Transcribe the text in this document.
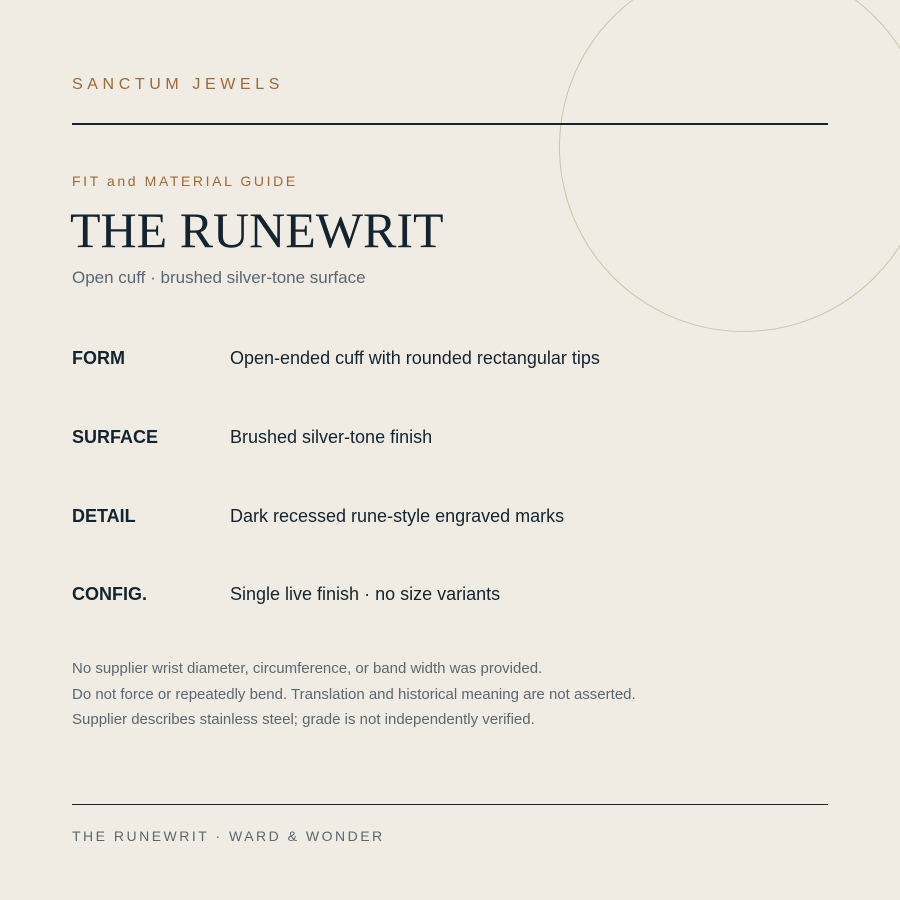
SANCTUM JEWELS
FIT and MATERIAL GUIDE
THE RUNEWRIT
Open cuff · brushed silver-tone surface
FORM	Open-ended cuff with rounded rectangular tips
SURFACE	Brushed silver-tone finish
DETAIL	Dark recessed rune-style engraved marks
CONFIG.	Single live finish · no size variants
No supplier wrist diameter, circumference, or band width was provided.
Do not force or repeatedly bend. Translation and historical meaning are not asserted.
Supplier describes stainless steel; grade is not independently verified.
THE RUNEWRIT · WARD & WONDER
